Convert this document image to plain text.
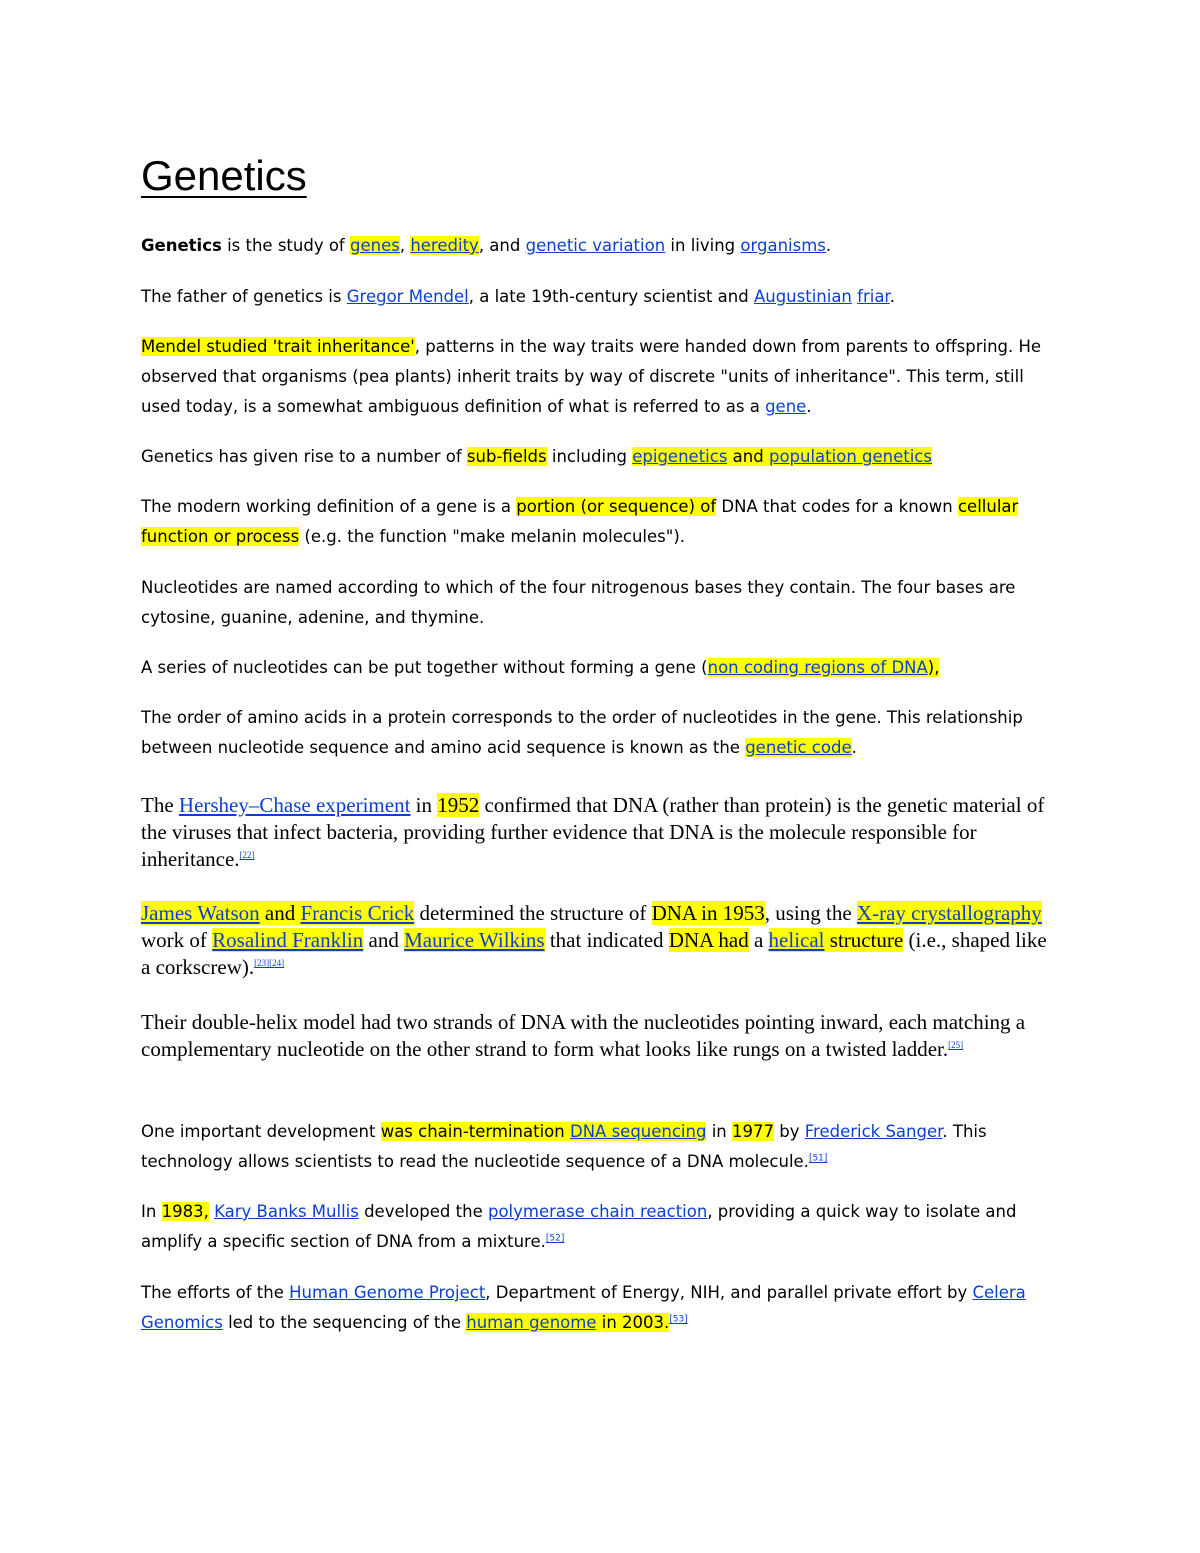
Genetics

Genetics is the study of genes, heredity, and genetic variation in living organisms.

The father of genetics is Gregor Mendel, a late 19th-century scientist and Augustinian friar.

Mendel studied 'trait inheritance', patterns in the way traits were handed down from parents to offspring. He observed that organisms (pea plants) inherit traits by way of discrete "units of inheritance". This term, still used today, is a somewhat ambiguous definition of what is referred to as a gene.

Genetics has given rise to a number of sub-fields including epigenetics and population genetics

The modern working definition of a gene is a portion (or sequence) of DNA that codes for a known cellular function or process (e.g. the function "make melanin molecules").

Nucleotides are named according to which of the four nitrogenous bases they contain. The four bases are cytosine, guanine, adenine, and thymine.

A series of nucleotides can be put together without forming a gene (non coding regions of DNA),

The order of amino acids in a protein corresponds to the order of nucleotides in the gene. This relationship between nucleotide sequence and amino acid sequence is known as the genetic code.

The Hershey–Chase experiment in 1952 confirmed that DNA (rather than protein) is the genetic material of the viruses that infect bacteria, providing further evidence that DNA is the molecule responsible for inheritance.[22]

James Watson and Francis Crick determined the structure of DNA in 1953, using the X-ray crystallography work of Rosalind Franklin and Maurice Wilkins that indicated DNA had a helical structure (i.e., shaped like a corkscrew).[23][24]

Their double-helix model had two strands of DNA with the nucleotides pointing inward, each matching a complementary nucleotide on the other strand to form what looks like rungs on a twisted ladder.[25]

One important development was chain-termination DNA sequencing in 1977 by Frederick Sanger. This technology allows scientists to read the nucleotide sequence of a DNA molecule.[51]

In 1983, Kary Banks Mullis developed the polymerase chain reaction, providing a quick way to isolate and amplify a specific section of DNA from a mixture.[52]

The efforts of the Human Genome Project, Department of Energy, NIH, and parallel private effort by Celera Genomics led to the sequencing of the human genome in 2003.[53]
